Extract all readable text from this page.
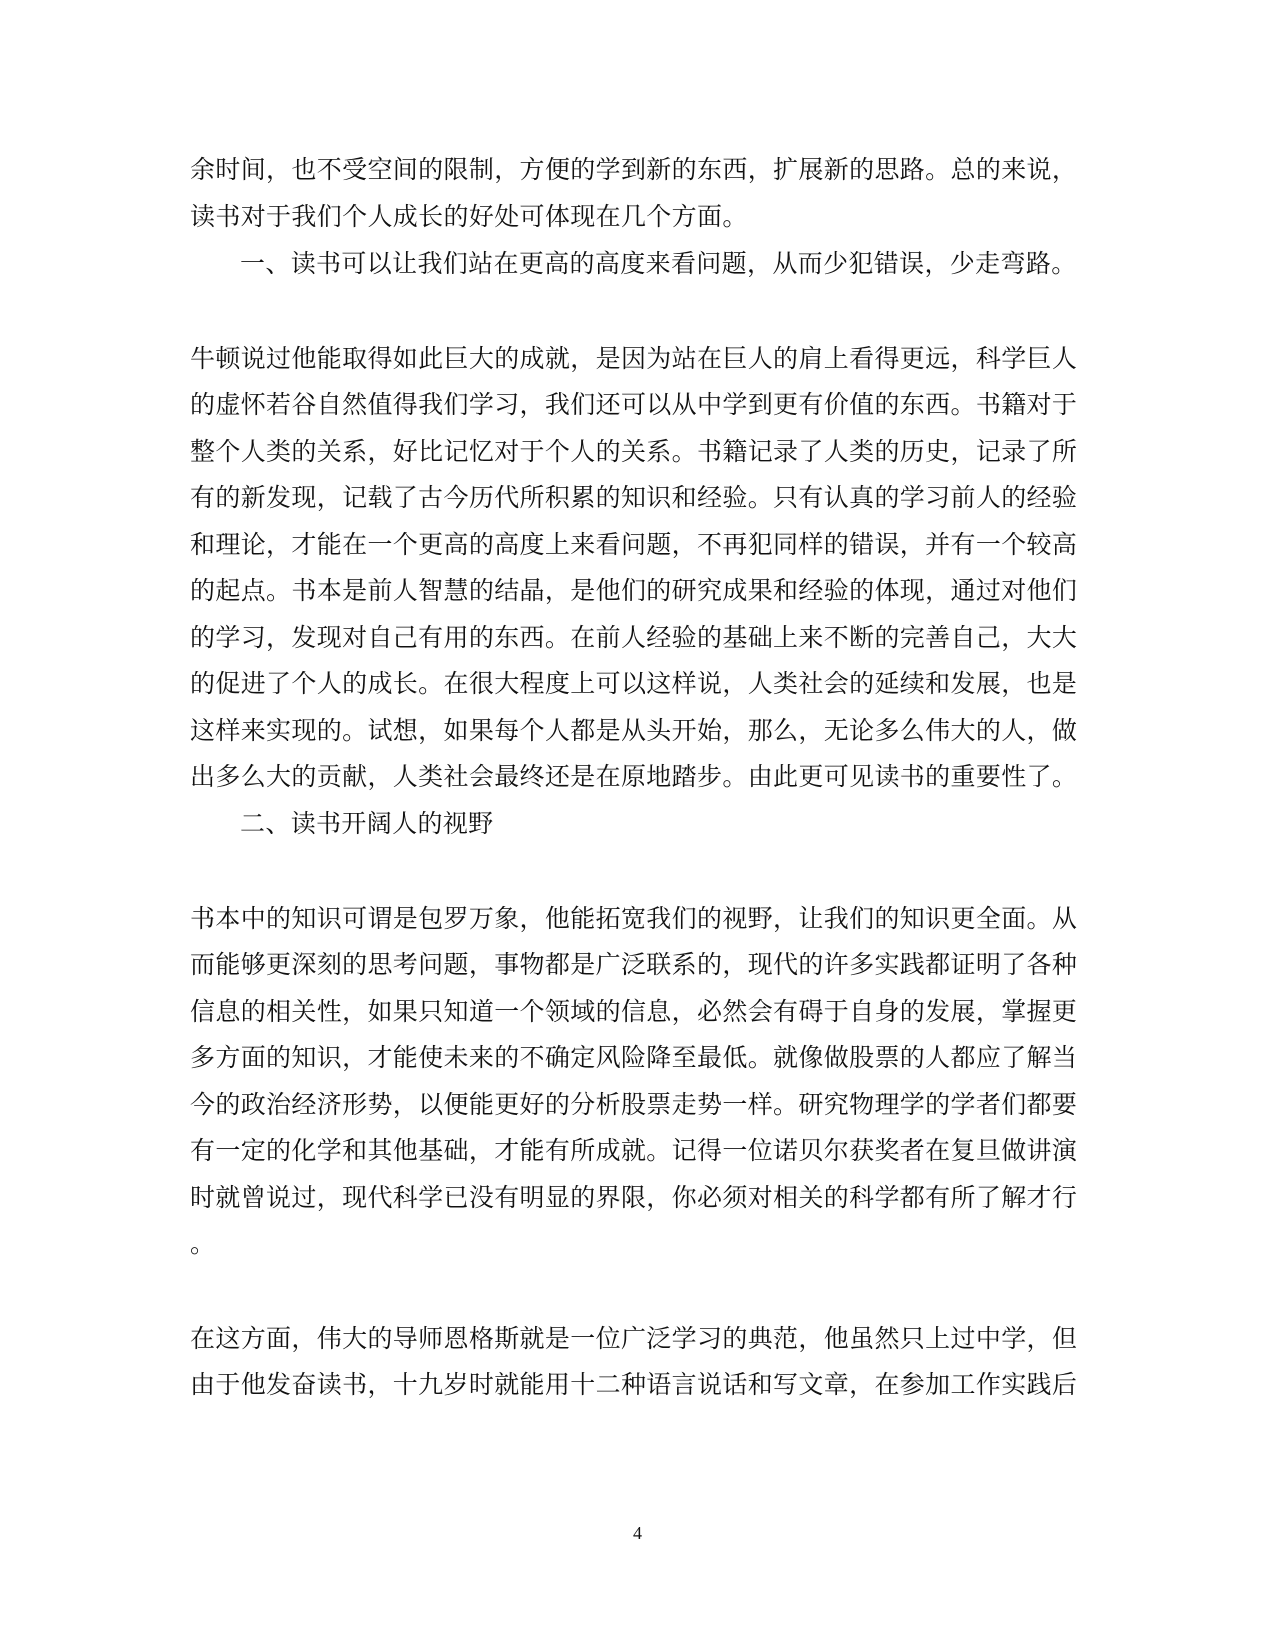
余时间，也不受空间的限制，方便的学到新的东西，扩展新的思路。总的来说，
读书对于我们个人成长的好处可体现在几个方面。
一、读书可以让我们站在更高的高度来看问题，从而少犯错误，少走弯路。
牛顿说过他能取得如此巨大的成就，是因为站在巨人的肩上看得更远，科学巨人
的虚怀若谷自然值得我们学习，我们还可以从中学到更有价值的东西。书籍对于
整个人类的关系，好比记忆对于个人的关系。书籍记录了人类的历史，记录了所
有的新发现，记载了古今历代所积累的知识和经验。只有认真的学习前人的经验
和理论，才能在一个更高的高度上来看问题，不再犯同样的错误，并有一个较高
的起点。书本是前人智慧的结晶，是他们的研究成果和经验的体现，通过对他们
的学习，发现对自己有用的东西。在前人经验的基础上来不断的完善自己，大大
的促进了个人的成长。在很大程度上可以这样说，人类社会的延续和发展，也是
这样来实现的。试想，如果每个人都是从头开始，那么，无论多么伟大的人，做
出多么大的贡献，人类社会最终还是在原地踏步。由此更可见读书的重要性了。
二、读书开阔人的视野
书本中的知识可谓是包罗万象，他能拓宽我们的视野，让我们的知识更全面。从
而能够更深刻的思考问题，事物都是广泛联系的，现代的许多实践都证明了各种
信息的相关性，如果只知道一个领域的信息，必然会有碍于自身的发展，掌握更
多方面的知识，才能使未来的不确定风险降至最低。就像做股票的人都应了解当
今的政治经济形势，以便能更好的分析股票走势一样。研究物理学的学者们都要
有一定的化学和其他基础，才能有所成就。记得一位诺贝尔获奖者在复旦做讲演
时就曾说过，现代科学已没有明显的界限，你必须对相关的科学都有所了解才行
。
在这方面，伟大的导师恩格斯就是一位广泛学习的典范，他虽然只上过中学，但
由于他发奋读书，十九岁时就能用十二种语言说话和写文章，在参加工作实践后
4
